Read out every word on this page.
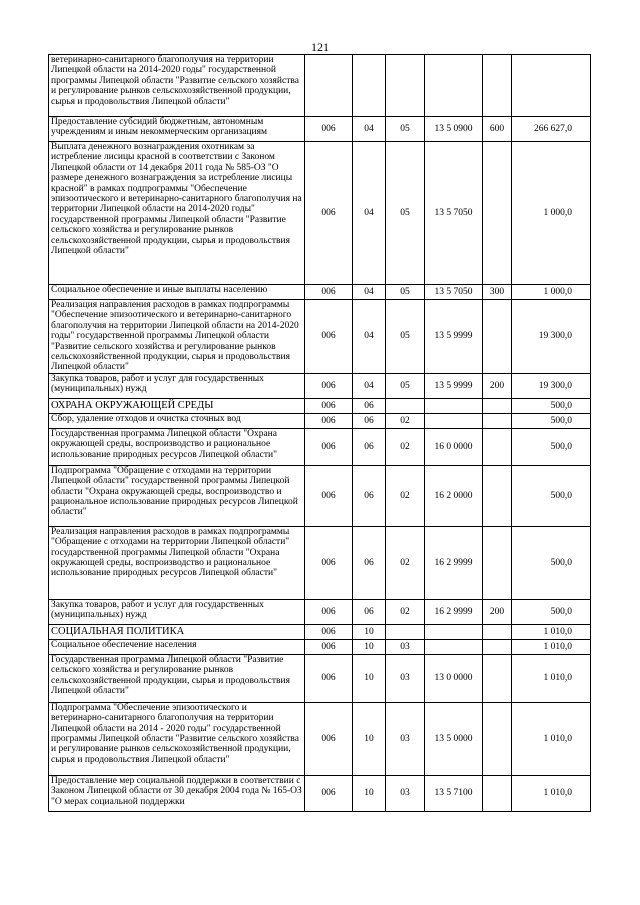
121
ветеринарно-санитарного благополучия на территории Липецкой области на 2014-2020 годы" государственной программы Липецкой области "Развитие сельского хозяйства и регулирование рынков сельскохозяйственной продукции, сырья и продовольствия Липецкой области"						
Предоставление субсидий бюджетным, автономным учреждениям и иным некоммерческим организациям	006	04	05	13 5 0900	600	266 627,0
Выплата денежного вознаграждения охотникам за истребление лисицы красной в соответствии с Законом Липецкой области от 14 декабря 2011 года № 585-ОЗ "О размере денежного вознаграждения за истребление лисицы красной" в рамках подпрограммы "Обеспечение эпизоотического и ветеринарно-санитарного благополучия на территории Липецкой области на 2014-2020 годы" государственной программы Липецкой области "Развитие сельского хозяйства и регулирование рынков сельскохозяйственной продукции, сырья и продовольствия Липецкой области"	006	04	05	13 5 7050		1 000,0
Социальное обеспечение и иные выплаты населению	006	04	05	13 5 7050	300	1 000,0
Реализация направления расходов в рамках подпрограммы "Обеспечение эпизоотического и ветеринарно-санитарного благополучия на территории Липецкой области на 2014-2020 годы" государственной программы Липецкой области "Развитие сельского хозяйства и регулирование рынков сельскохозяйственной продукции, сырья и продовольствия Липецкой области"	006	04	05	13 5 9999		19 300,0
Закупка товаров, работ и услуг для государственных (муниципальных) нужд	006	04	05	13 5 9999	200	19 300,0
ОХРАНА ОКРУЖАЮЩЕЙ СРЕДЫ	006	06				500,0
Сбор, удаление отходов и очистка сточных вод	006	06	02			500,0
Государственная программа Липецкой области "Охрана окружающей среды, воспроизводство и рациональное использование природных ресурсов Липецкой области"	006	06	02	16 0 0000		500,0
Подпрограмма "Обращение с отходами на территории Липецкой области" государственной программы Липецкой области "Охрана окружающей среды, воспроизводство и рациональное использование природных ресурсов Липецкой области"	006	06	02	16 2 0000		500,0
Реализация направления расходов в рамках подпрограммы "Обращение с отходами на территории Липецкой области" государственной программы Липецкой области "Охрана окружающей среды, воспроизводство и рациональное использование природных ресурсов Липецкой области"	006	06	02	16 2 9999		500,0
Закупка товаров, работ и услуг для государственных (муниципальных) нужд	006	06	02	16 2 9999	200	500,0
СОЦИАЛЬНАЯ ПОЛИТИКА	006	10				1 010,0
Социальное обеспечение населения	006	10	03			1 010,0
Государственная программа Липецкой области "Развитие сельского хозяйства и регулирование рынков сельскохозяйственной продукции, сырья и продовольствия Липецкой области"	006	10	03	13 0 0000		1 010,0
Подпрограмма "Обеспечение эпизоотического и ветеринарно-санитарного благополучия на территории Липецкой области на 2014 - 2020 годы" государственной программы Липецкой области "Развитие сельского хозяйства и регулирование рынков сельскохозяйственной продукции, сырья и продовольствия Липецкой области"	006	10	03	13 5 0000		1 010,0
Предоставление мер социальной поддержки в соответствии с Законом Липецкой области от 30 декабря 2004 года № 165-ОЗ "О мерах социальной поддержки	006	10	03	13 5 7100		1 010,0
